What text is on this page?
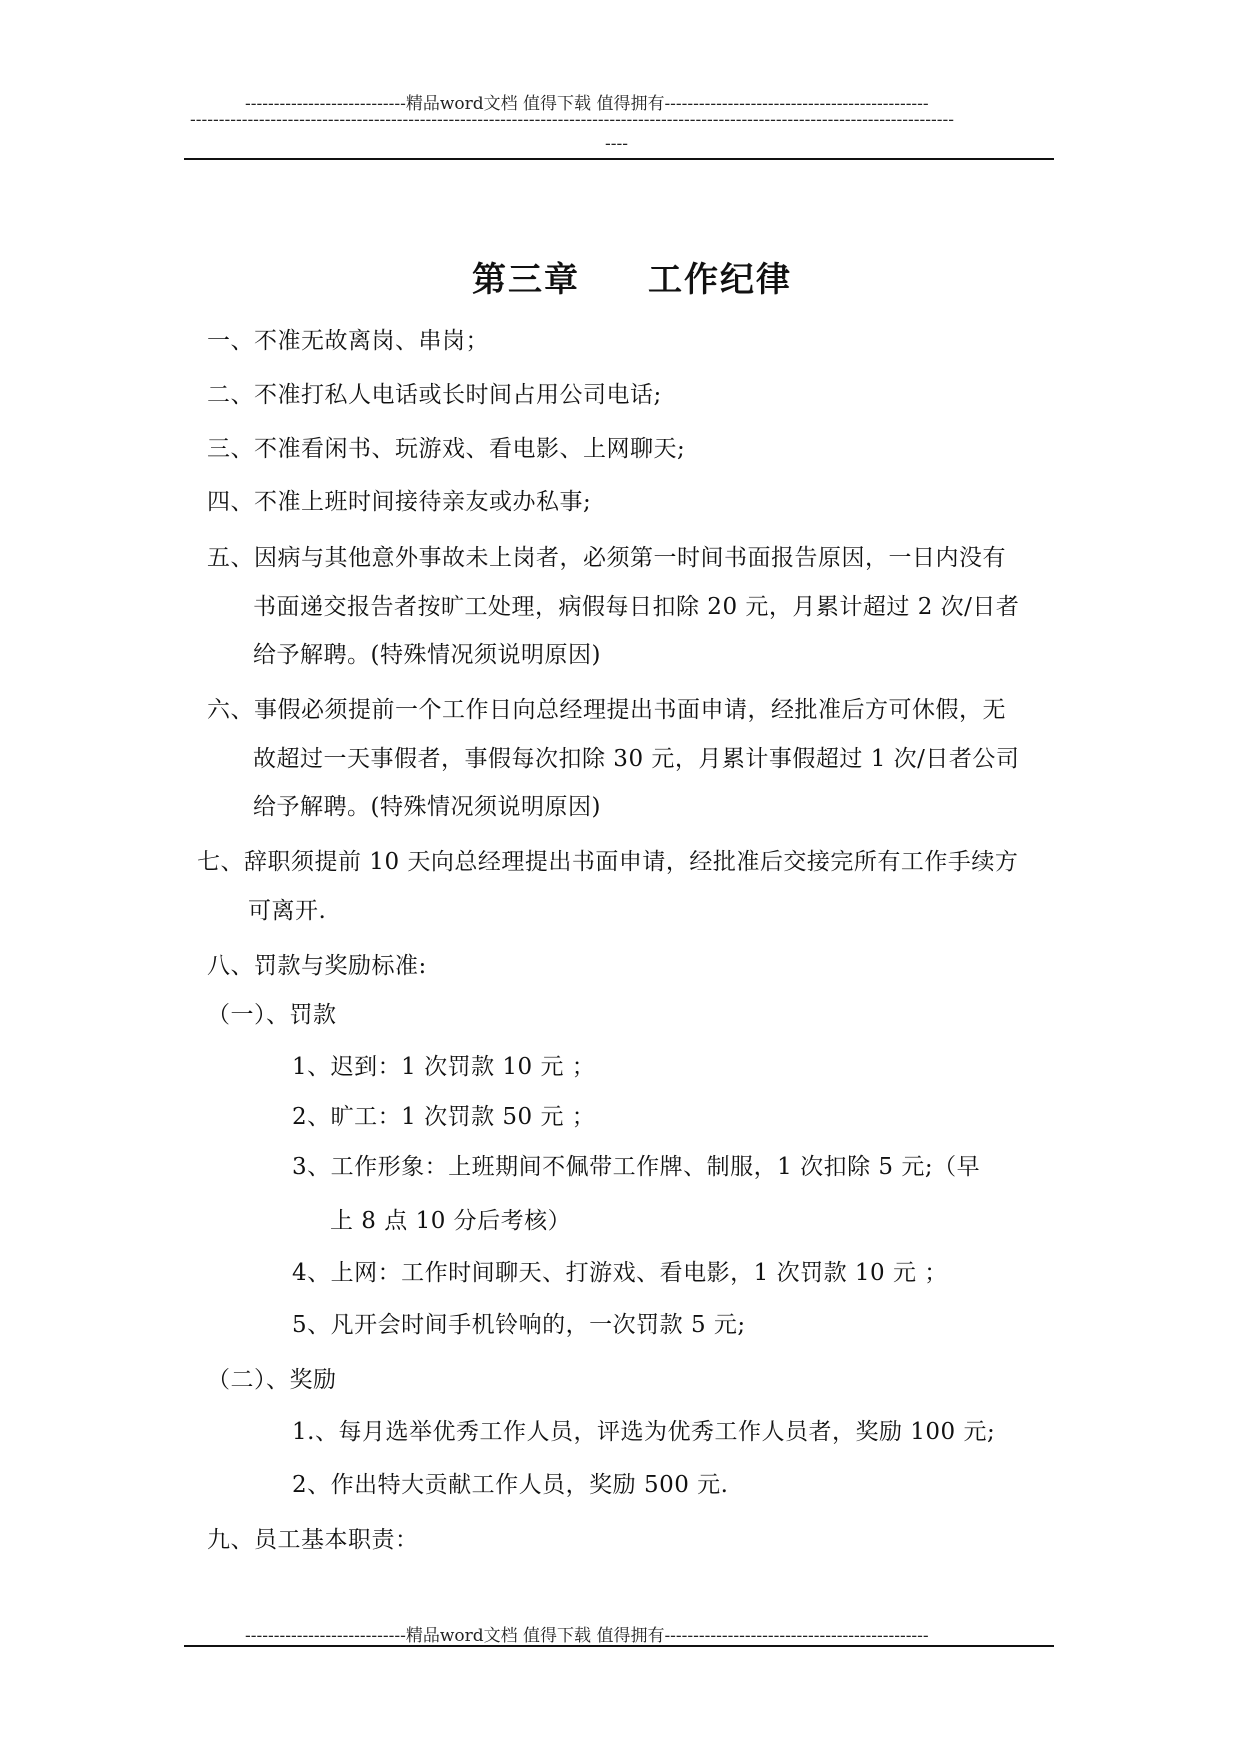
----------------------------精品word文档 值得下载 值得拥有----------------------------------------------
-------------------------------------------------------------------------------------------------------------------------------------
----
第三章 工作纪律
一、不准无故离岗、串岗；
二、不准打私人电话或长时间占用公司电话;
三、不准看闲书、玩游戏、看电影、上网聊天;
四、不准上班时间接待亲友或办私事;
五、因病与其他意外事故未上岗者，必须第一时间书面报告原因，一日内没有
书面递交报告者按旷工处理，病假每日扣除 20 元，月累计超过 2 次/日者
给予解聘。(特殊情况须说明原因)
六、事假必须提前一个工作日向总经理提出书面申请，经批准后方可休假，无
故超过一天事假者，事假每次扣除 30 元，月累计事假超过 1 次/日者公司
给予解聘。(特殊情况须说明原因)
七、辞职须提前 10 天向总经理提出书面申请，经批准后交接完所有工作手续方
可离开.
八、罚款与奖励标准:
（一）、罚款
1、迟到：1 次罚款 10 元 ；
2、旷工：1 次罚款 50 元 ；
3、工作形象：上班期间不佩带工作牌、制服，1 次扣除 5 元;（早
上 8 点 10 分后考核）
4、上网：工作时间聊天、打游戏、看电影，1 次罚款 10 元 ；
5、凡开会时间手机铃响的，一次罚款 5 元;
（二）、奖励
1.、每月选举优秀工作人员，评选为优秀工作人员者，奖励 100 元;
2、作出特大贡献工作人员，奖励 500 元.
九、员工基本职责：
----------------------------精品word文档 值得下载 值得拥有----------------------------------------------
